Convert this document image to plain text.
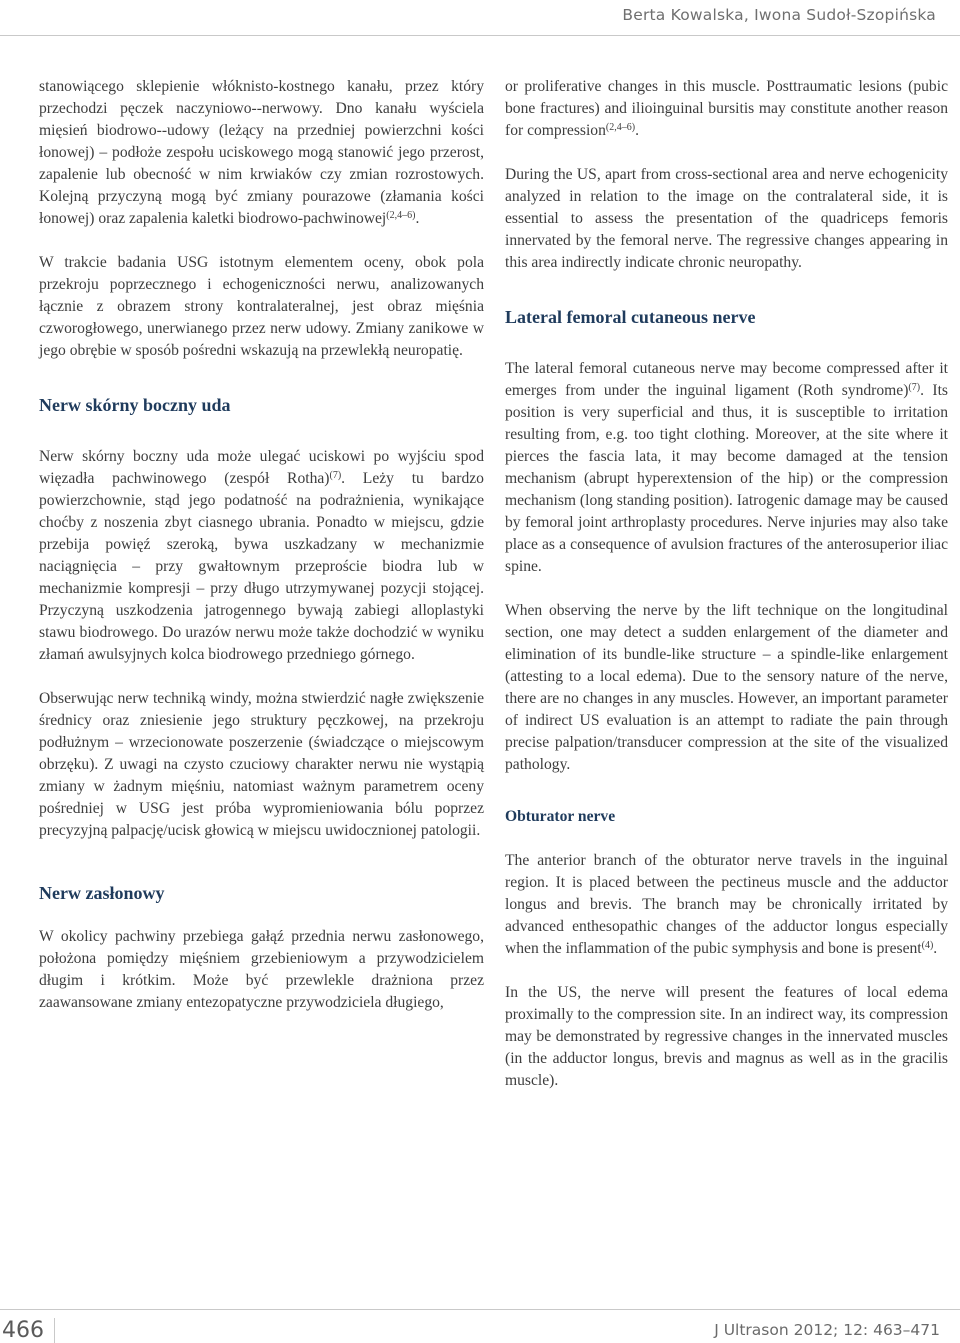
Berta Kowalska, Iwona Sudoł-Szopińska

stanowiącego sklepienie włóknisto-kostnego kanału, przez który przechodzi pęczek naczyniowo--nerwowy. Dno kanału wyściela mięsień biodrowo--udowy (leżący na przedniej powierzchni kości łonowej) – podłoże zespołu uciskowego mogą stanowić jego przerost, zapalenie lub obecność w nim krwiaków czy zmian rozrostowych. Kolejną przyczyną mogą być zmiany pourazowe (złamania kości łonowej) oraz zapalenia kaletki biodrowo-pachwinowej$^{(2,4-6)}$.

W trakcie badania USG istotnym elementem oceny, obok pola przekroju poprzecznego i echogeniczności nerwu, analizowanych łącznie z obrazem strony kontralateralnej, jest obraz mięśnia czworogłowego, unerwianego przez nerw udowy. Zmiany zanikowe w jego obrębie w sposób pośredni wskazują na przewlekłą neuropatię.

Nerw skórny boczny uda

Nerw skórny boczny uda może ulegać uciskowi po wyjściu spod więzadła pachwinowego (zespół Rotha)$^{(7)}$. Leży tu bardzo powierzchownie, stąd jego podatność na podrażnienia, wynikające choćby z noszenia zbyt ciasnego ubrania. Ponadto w miejscu, gdzie przebija powięź szeroką, bywa uszkadzany w mechanizmie naciągnięcia – przy gwałtownym przeproście biodra lub w mechanizmie kompresji – przy długo utrzymywanej pozycji stojącej. Przyczyną uszkodzenia jatrogennego bywają zabiegi alloplastyki stawu biodrowego. Do urazów nerwu może także dochodzić w wyniku złamań awulsyjnych kolca biodrowego przedniego górnego.

Obserwując nerw techniką windy, można stwierdzić nagłe zwiększenie średnicy oraz zniesienie jego struktury pęczkowej, na przekroju podłużnym – wrzecionowate poszerzenie (świadczące o miejscowym obrzęku). Z uwagi na czysto czuciowy charakter nerwu nie wystąpią zmiany w żadnym mięśniu, natomiast ważnym parametrem oceny pośredniej w USG jest próba wypromieniowania bólu poprzez precyzyjną palpację/ucisk głowicą w miejscu uwidocznionej patologii.

Nerw zasłonowy

W okolicy pachwiny przebiega gałąź przednia nerwu zasłonowego, położona pomiędzy mięśniem grzebieniowym a przywodzicielem długim i krótkim. Może być przewlekle drażniona przez zaawansowane zmiany entezopatyczne przywodziciela długiego,

or proliferative changes in this muscle. Posttraumatic lesions (pubic bone fractures) and ilioinguinal bursitis may constitute another reason for compression$^{(2,4-6)}$.

During the US, apart from cross-sectional area and nerve echogenicity analyzed in relation to the image on the contralateral side, it is essential to assess the presentation of the quadriceps femoris innervated by the femoral nerve. The regressive changes appearing in this area indirectly indicate chronic neuropathy.

Lateral femoral cutaneous nerve

The lateral femoral cutaneous nerve may become compressed after it emerges from under the inguinal ligament (Roth syndrome)$^{(7)}$. Its position is very superficial and thus, it is susceptible to irritation resulting from, e.g. too tight clothing. Moreover, at the site where it pierces the fascia lata, it may become damaged at the tension mechanism (abrupt hyperextension of the hip) or the compression mechanism (long standing position). Iatrogenic damage may be caused by femoral joint arthroplasty procedures. Nerve injuries may also take place as a consequence of avulsion fractures of the anterosuperior iliac spine.

When observing the nerve by the lift technique on the longitudinal section, one may detect a sudden enlargement of the diameter and elimination of its bundle-like structure – a spindle-like enlargement (attesting to a local edema). Due to the sensory nature of the nerve, there are no changes in any muscles. However, an important parameter of indirect US evaluation is an attempt to radiate the pain through precise palpation/transducer compression at the site of the visualized pathology.

Obturator nerve

The anterior branch of the obturator nerve travels in the inguinal region. It is placed between the pectineus muscle and the adductor longus and brevis. The branch may be chronically irritated by advanced enthesopathic changes of the adductor longus especially when the inflammation of the pubic symphysis and bone is present$^{(4)}$.

In the US, the nerve will present the features of local edema proximally to the compression site. In an indirect way, its compression may be demonstrated by regressive changes in the innervated muscles (in the adductor longus, brevis and magnus as well as in the gracilis muscle).

466	J Ultrason 2012; 12: 463–471
